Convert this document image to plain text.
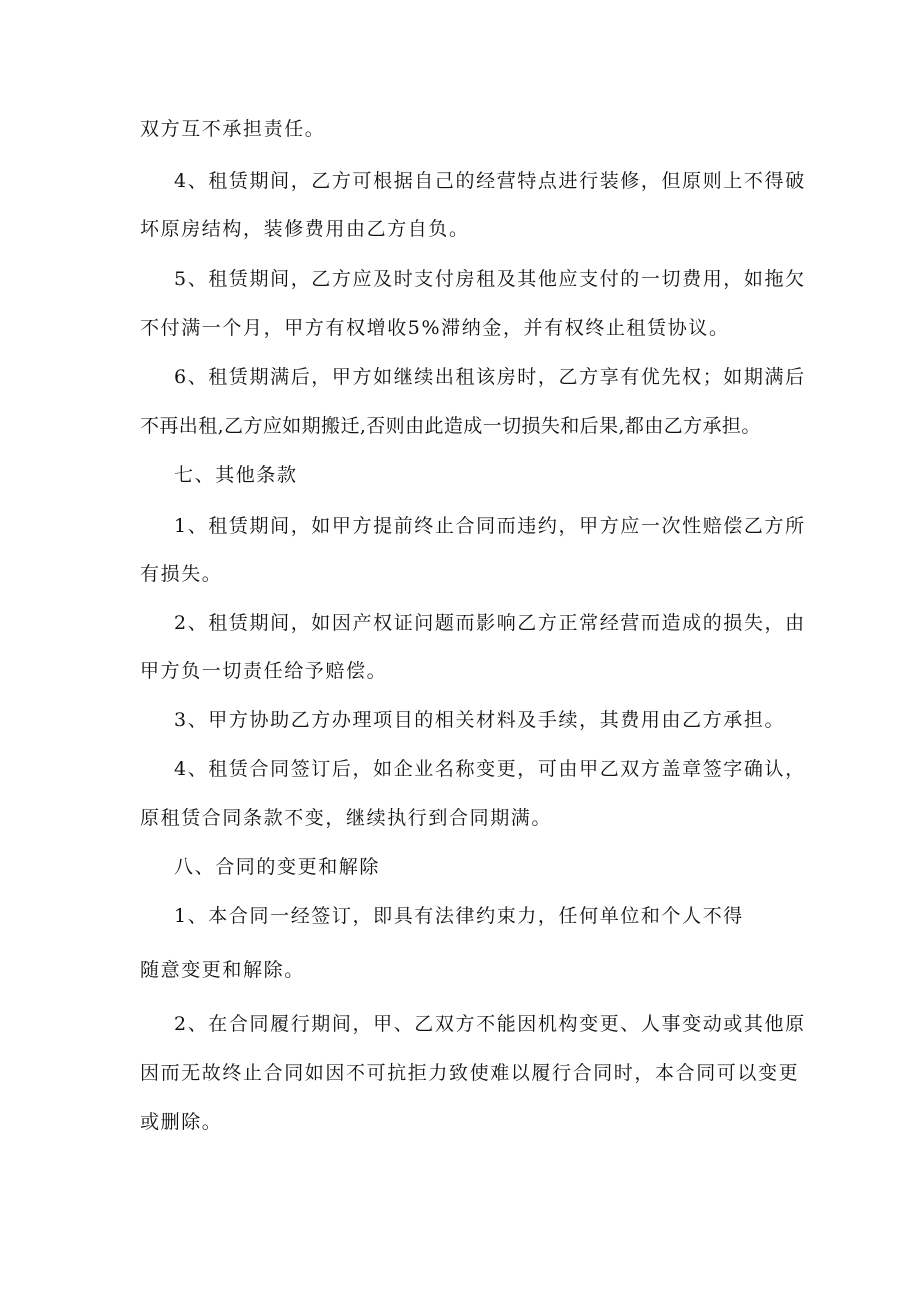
双方互不承担责任。
4、租赁期间，乙方可根据自己的经营特点进行装修，但原则上不得破
坏原房结构，装修费用由乙方自负。
5、租赁期间，乙方应及时支付房租及其他应支付的一切费用，如拖欠
不付满一个月，甲方有权增收5%滞纳金，并有权终止租赁协议。
6、租赁期满后，甲方如继续出租该房时，乙方享有优先权；如期满后
不再出租,乙方应如期搬迁,否则由此造成一切损失和后果,都由乙方承担。
七、其他条款
1、租赁期间，如甲方提前终止合同而违约，甲方应一次性赔偿乙方所
有损失。
2、租赁期间，如因产权证问题而影响乙方正常经营而造成的损失，由
甲方负一切责任给予赔偿。
3、甲方协助乙方办理项目的相关材料及手续，其费用由乙方承担。
4、租赁合同签订后，如企业名称变更，可由甲乙双方盖章签字确认，
原租赁合同条款不变，继续执行到合同期满。
八、合同的变更和解除
1、本合同一经签订，即具有法律约束力，任何单位和个人不得
随意变更和解除。
2、在合同履行期间，甲、乙双方不能因机构变更、人事变动或其他原
因而无故终止合同如因不可抗拒力致使难以履行合同时，本合同可以变更
或删除。
